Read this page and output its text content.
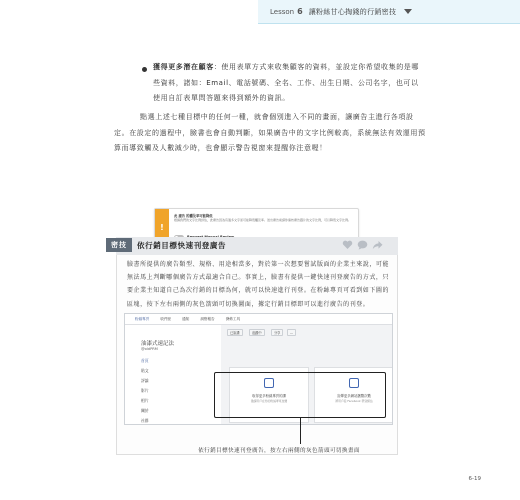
Lesson 6 讓粉絲甘心掏錢的行銷密技

獲得更多潛在顧客：使用表單方式來收集顧客的資料，並設定你希望收集的是哪些資料，諸如：Email、電話號碼、全名、工作、出生日期、公司名字，也可以使用自訂表單問答題來得到額外的資訊。

點選上述七種目標中的任何一種，就會個別進入不同的畫面，讓廣告主進行各項設定。在設定的過程中，臉書也會自動判斷，如果廣告中的文字比例較高，系統無法有效運用預算而導致觸及人數減少時，也會顯示警告視窗來提醒你注意喔！

!
此 廣告 的觸及率可能降低
根據我們的文字比例評估，此廣告因為有過多文字而可能降低觸及率。送出廣告前請你審核廣告圖片的文字比例，可以降低文字比例。
密技	依行銷目標快速刊登廣告

臉書所提供的廣告類型、規格、用途相當多，對於第一次想要嘗試版面的企業主來說，可能無法馬上判斷哪個廣告方式最適合自己。事實上，臉書有提供一鍵快速刊登廣告的方式，只要企業主知道自己為次行銷的目標為何，就可以快速進行刊登。在粉絲專頁可看到如下圖的區塊，按下左右兩側的灰色箭頭可切換圖面，據定行銷目標即可以進行廣告的刊登。

粉絲專頁	收件匣	通知	洞察報告	發佈工具
油漆式速記法
@oldPRM
首頁
貼文
評論
影片
相片
關於
社群
已說讚	追蹤中	分享	…
取得更多粉絲專頁的讚
邀請用戶在你的粉絲專頁按讚
宣傳更多網站瀏覽次數
將用戶從 Facebook 帶到網站
依行銷目標快速刊登廣告，按左右兩側的灰色箭頭可切換畫面
6-19
